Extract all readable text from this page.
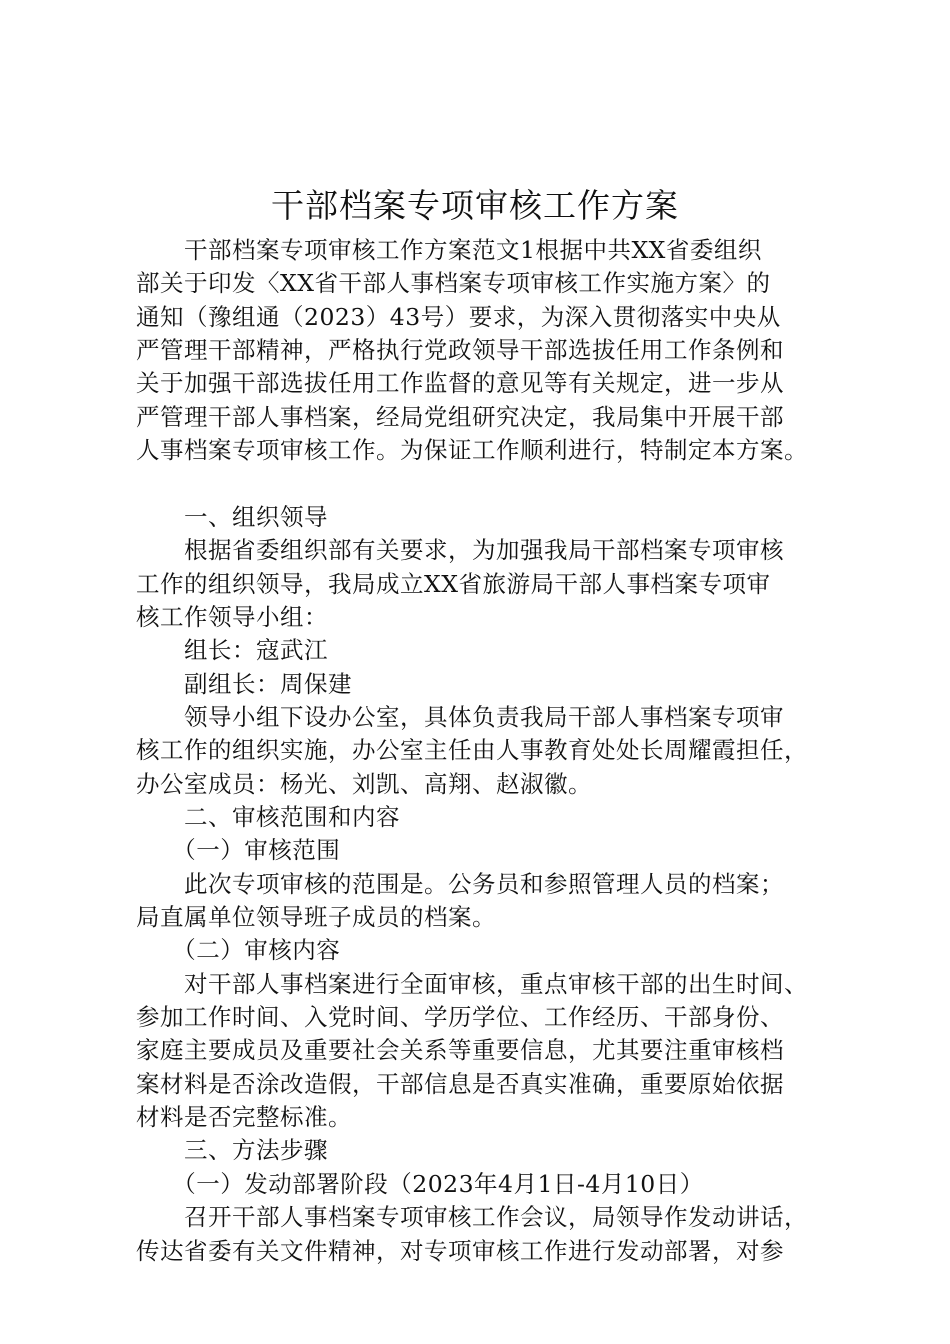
干部档案专项审核工作方案
　　干部档案专项审核工作方案范文1根据中共XX省委组织
部关于印发〈XX省干部人事档案专项审核工作实施方案〉的
通知（豫组通（2023）43号）要求，为深入贯彻落实中央从
严管理干部精神，严格执行党政领导干部选拔任用工作条例和
关于加强干部选拔任用工作监督的意见等有关规定，进一步从
严管理干部人事档案，经局党组研究决定，我局集中开展干部
人事档案专项审核工作。为保证工作顺利进行，特制定本方案。
　　一、组织领导
　　根据省委组织部有关要求，为加强我局干部档案专项审核
工作的组织领导，我局成立XX省旅游局干部人事档案专项审
核工作领导小组：
　　组长：寇武江
　　副组长：周保建
　　领导小组下设办公室，具体负责我局干部人事档案专项审
核工作的组织实施，办公室主任由人事教育处处长周耀霞担任，
办公室成员：杨光、刘凯、高翔、赵淑徽。
　　二、审核范围和内容
　　（一）审核范围
　　此次专项审核的范围是。公务员和参照管理人员的档案；
局直属单位领导班子成员的档案。
　　（二）审核内容
　　对干部人事档案进行全面审核，重点审核干部的出生时间、
参加工作时间、入党时间、学历学位、工作经历、干部身份、
家庭主要成员及重要社会关系等重要信息，尤其要注重审核档
案材料是否涂改造假，干部信息是否真实准确，重要原始依据
材料是否完整标准。
　　三、方法步骤
　　（一）发动部署阶段（2023年4月1日-4月10日）
　　召开干部人事档案专项审核工作会议，局领导作发动讲话，
传达省委有关文件精神，对专项审核工作进行发动部署，对参
